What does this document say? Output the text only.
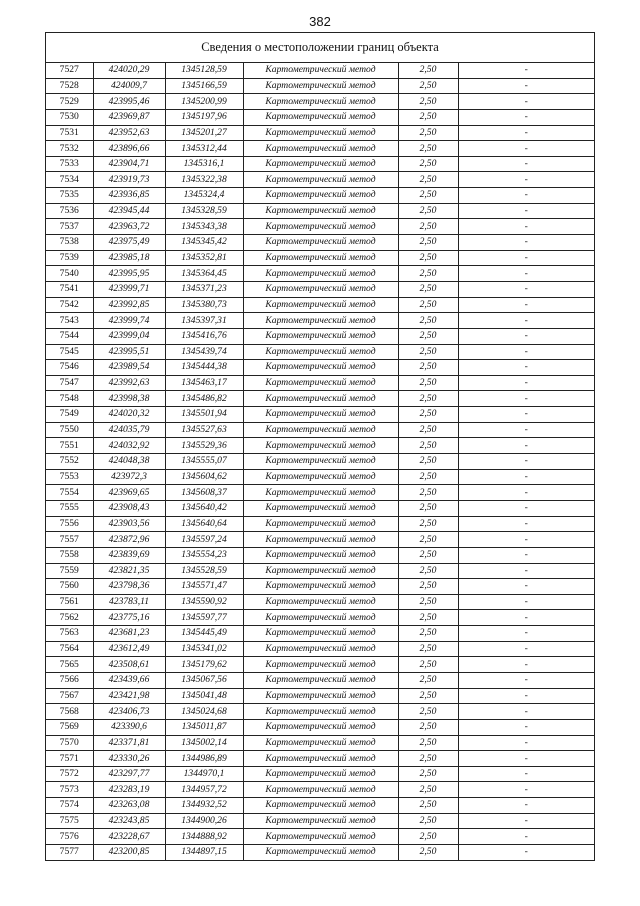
382
Сведения о местоположении границ объекта
7527	424020,29	1345128,59	Картометрический метод	2,50	-
7528	424009,7	1345166,59	Картометрический метод	2,50	-
7529	423995,46	1345200,99	Картометрический метод	2,50	-
7530	423969,87	1345197,96	Картометрический метод	2,50	-
7531	423952,63	1345201,27	Картометрический метод	2,50	-
7532	423896,66	1345312,44	Картометрический метод	2,50	-
7533	423904,71	1345316,1	Картометрический метод	2,50	-
7534	423919,73	1345322,38	Картометрический метод	2,50	-
7535	423936,85	1345324,4	Картометрический метод	2,50	-
7536	423945,44	1345328,59	Картометрический метод	2,50	-
7537	423963,72	1345343,38	Картометрический метод	2,50	-
7538	423975,49	1345345,42	Картометрический метод	2,50	-
7539	423985,18	1345352,81	Картометрический метод	2,50	-
7540	423995,95	1345364,45	Картометрический метод	2,50	-
7541	423999,71	1345371,23	Картометрический метод	2,50	-
7542	423992,85	1345380,73	Картометрический метод	2,50	-
7543	423999,74	1345397,31	Картометрический метод	2,50	-
7544	423999,04	1345416,76	Картометрический метод	2,50	-
7545	423995,51	1345439,74	Картометрический метод	2,50	-
7546	423989,54	1345444,38	Картометрический метод	2,50	-
7547	423992,63	1345463,17	Картометрический метод	2,50	-
7548	423998,38	1345486,82	Картометрический метод	2,50	-
7549	424020,32	1345501,94	Картометрический метод	2,50	-
7550	424035,79	1345527,63	Картометрический метод	2,50	-
7551	424032,92	1345529,36	Картометрический метод	2,50	-
7552	424048,38	1345555,07	Картометрический метод	2,50	-
7553	423972,3	1345604,62	Картометрический метод	2,50	-
7554	423969,65	1345608,37	Картометрический метод	2,50	-
7555	423908,43	1345640,42	Картометрический метод	2,50	-
7556	423903,56	1345640,64	Картометрический метод	2,50	-
7557	423872,96	1345597,24	Картометрический метод	2,50	-
7558	423839,69	1345554,23	Картометрический метод	2,50	-
7559	423821,35	1345528,59	Картометрический метод	2,50	-
7560	423798,36	1345571,47	Картометрический метод	2,50	-
7561	423783,11	1345590,92	Картометрический метод	2,50	-
7562	423775,16	1345597,77	Картометрический метод	2,50	-
7563	423681,23	1345445,49	Картометрический метод	2,50	-
7564	423612,49	1345341,02	Картометрический метод	2,50	-
7565	423508,61	1345179,62	Картометрический метод	2,50	-
7566	423439,66	1345067,56	Картометрический метод	2,50	-
7567	423421,98	1345041,48	Картометрический метод	2,50	-
7568	423406,73	1345024,68	Картометрический метод	2,50	-
7569	423390,6	1345011,87	Картометрический метод	2,50	-
7570	423371,81	1345002,14	Картометрический метод	2,50	-
7571	423330,26	1344986,89	Картометрический метод	2,50	-
7572	423297,77	1344970,1	Картометрический метод	2,50	-
7573	423283,19	1344957,72	Картометрический метод	2,50	-
7574	423263,08	1344932,52	Картометрический метод	2,50	-
7575	423243,85	1344900,26	Картометрический метод	2,50	-
7576	423228,67	1344888,92	Картометрический метод	2,50	-
7577	423200,85	1344897,15	Картометрический метод	2,50	-
